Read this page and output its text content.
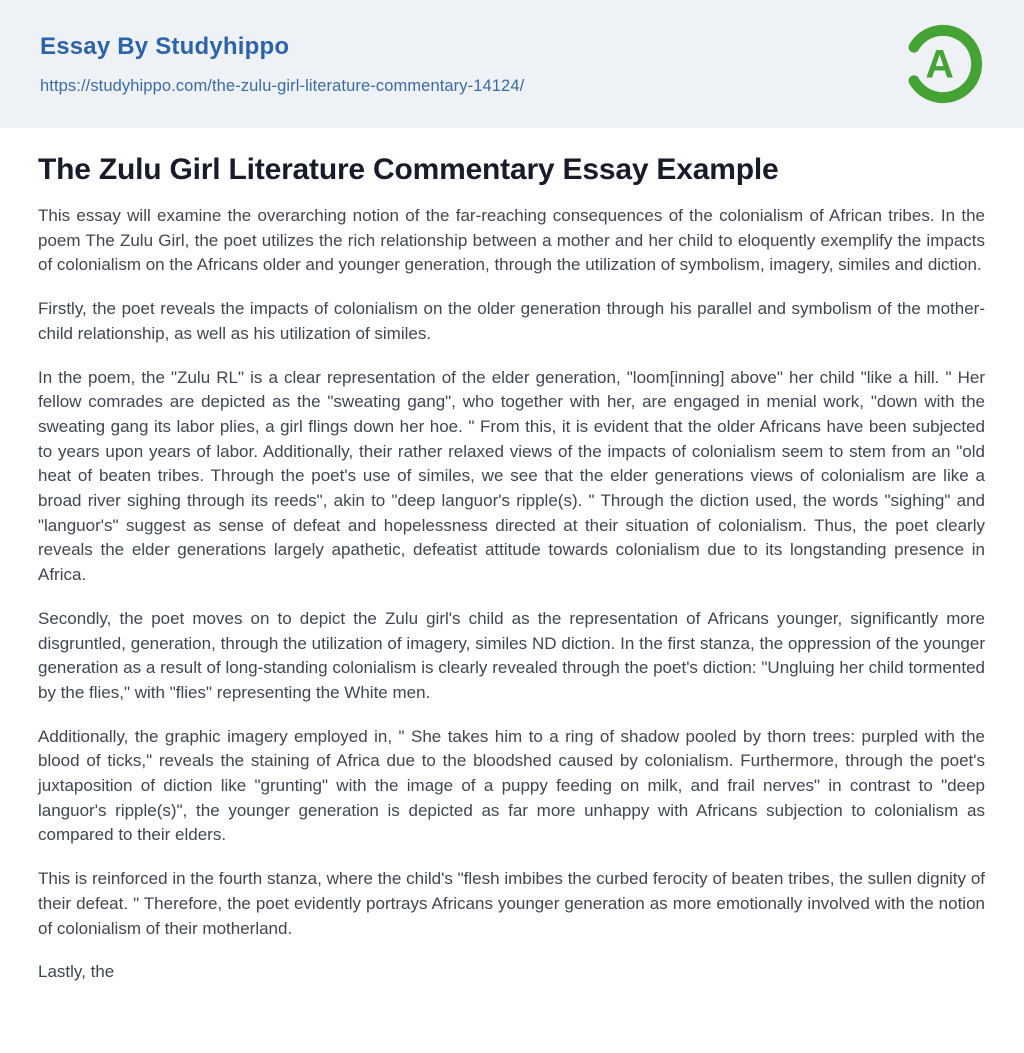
Essay By Studyhippo
https://studyhippo.com/the-zulu-girl-literature-commentary-14124/	A
The Zulu Girl Literature Commentary Essay Example

This essay will examine the overarching notion of the far-reaching consequences of the colonialism of African tribes. In the poem The Zulu Girl, the poet utilizes the rich relationship between a mother and her child to eloquently exemplify the impacts of colonialism on the Africans older and younger generation, through the utilization of symbolism, imagery, similes and diction.

Firstly, the poet reveals the impacts of colonialism on the older generation through his parallel and symbolism of the mother-child relationship, as well as his utilization of similes.

In the poem, the "Zulu RL" is a clear representation of the elder generation, "loom[inning] above" her child "like a hill. " Her fellow comrades are depicted as the "sweating gang", who together with her, are engaged in menial work, "down with the sweating gang its labor plies, a girl flings down her hoe. " From this, it is evident that the older Africans have been subjected to years upon years of labor. Additionally, their rather relaxed views of the impacts of colonialism seem to stem from an "old heat of beaten tribes. Through the poet's use of similes, we see that the elder generations views of colonialism are like a broad river sighing through its reeds", akin to "deep languor's ripple(s). " Through the diction used, the words "sighing" and "languor's" suggest as sense of defeat and hopelessness directed at their situation of colonialism. Thus, the poet clearly reveals the elder generations largely apathetic, defeatist attitude towards colonialism due to its longstanding presence in Africa.

Secondly, the poet moves on to depict the Zulu girl's child as the representation of Africans younger, significantly more disgruntled, generation, through the utilization of imagery, similes ND diction. In the first stanza, the oppression of the younger generation as a result of long-standing colonialism is clearly revealed through the poet's diction: "Ungluing her child tormented by the flies," with "flies" representing the White men.

Additionally, the graphic imagery employed in, " She takes him to a ring of shadow pooled by thorn trees: purpled with the blood of ticks," reveals the staining of Africa due to the bloodshed caused by colonialism. Furthermore, through the poet's juxtaposition of diction like "grunting" with the image of a puppy feeding on milk, and frail nerves" in contrast to "deep languor's ripple(s)", the younger generation is depicted as far more unhappy with Africans subjection to colonialism as compared to their elders.

This is reinforced in the fourth stanza, where the child's "flesh imbibes the curbed ferocity of beaten tribes, the sullen dignity of their defeat. " Therefore, the poet evidently portrays Africans younger generation as more emotionally involved with the notion of colonialism of their motherland.

Lastly, the
